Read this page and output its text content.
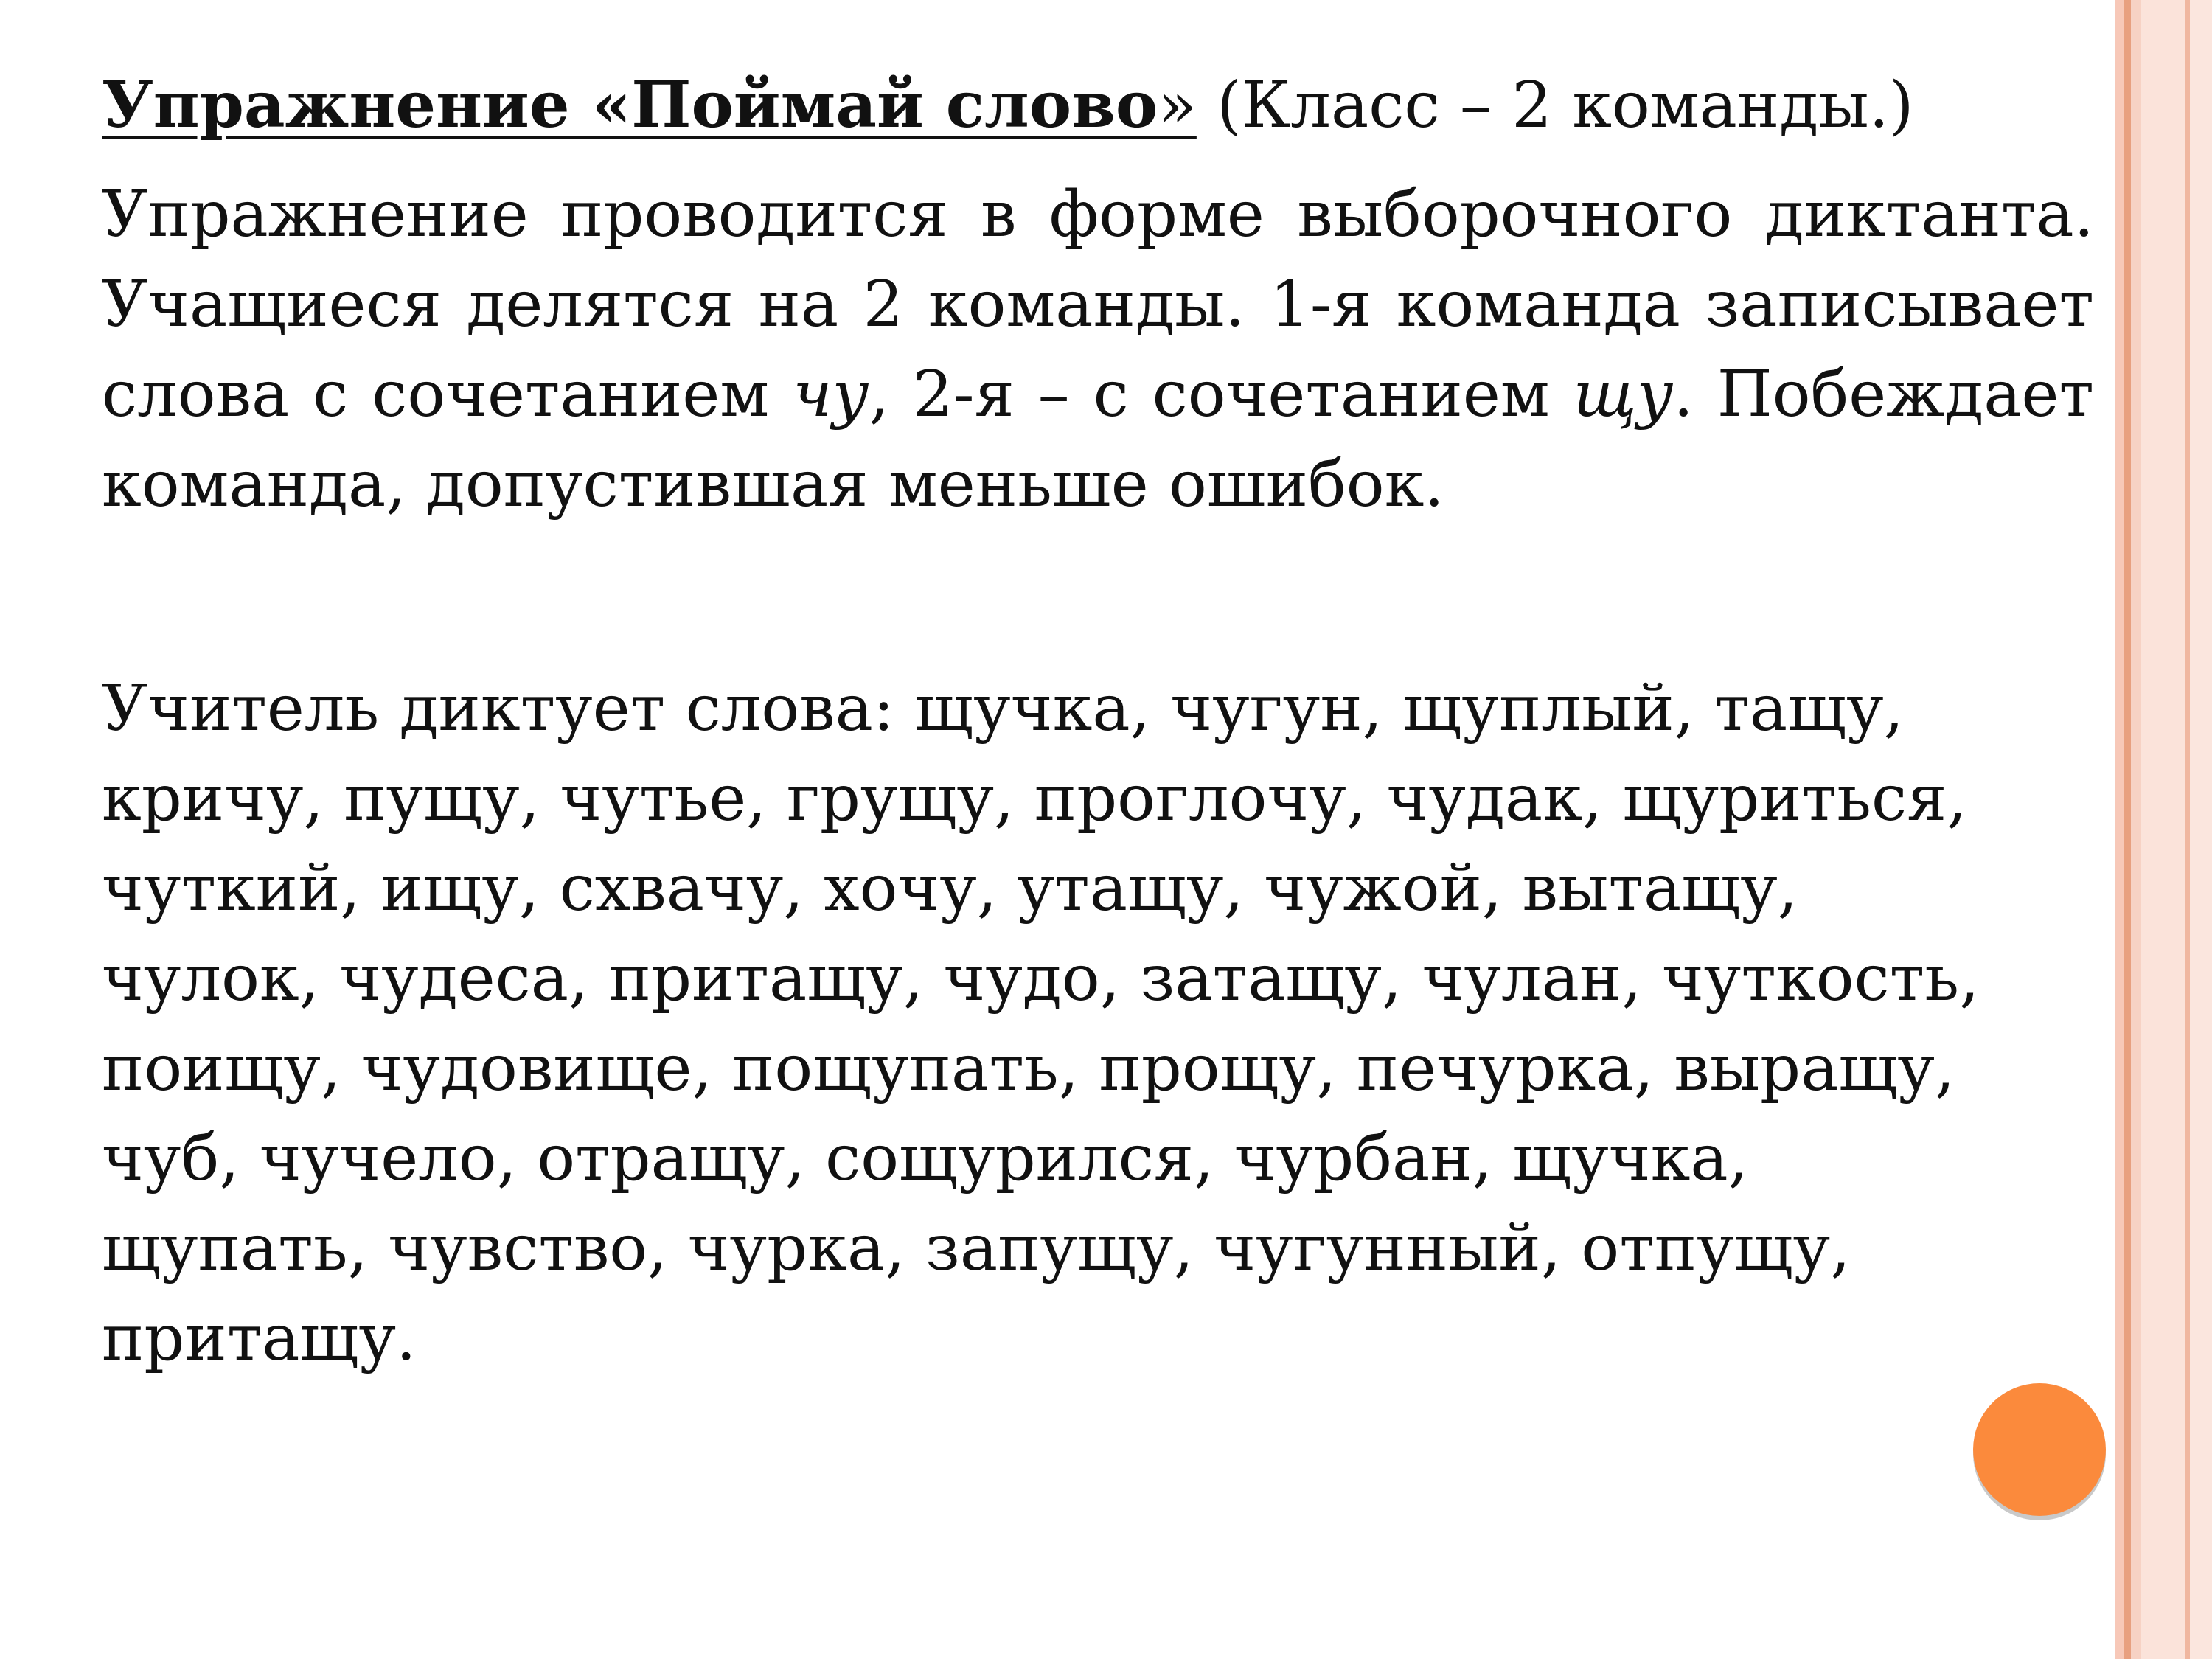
Упражнение «Поймай слово» (Класс – 2 команды.)

Упражнение проводится в форме выборочного диктанта. Учащиеся делятся на 2 команды. 1-я команда записывает слова с сочетанием чу, 2-я – с сочетанием щу. Побеждает команда, допустившая меньше ошибок.

Учитель диктует слова: щучка, чугун, щуплый, тащу,
кричу, пущу, чутье, грущу, проглочу, чудак, щуриться,
чуткий, ищу, схвачу, хочу, утащу, чужой, вытащу,
чулок, чудеса, притащу, чудо, затащу, чулан, чуткость,
поищу, чудовище, пощупать, прощу, печурка, выращу,
чуб, чучело, отращу, сощурился, чурбан, щучка,
щупать, чувство, чурка, запущу, чугунный, отпущу,
притащу.
